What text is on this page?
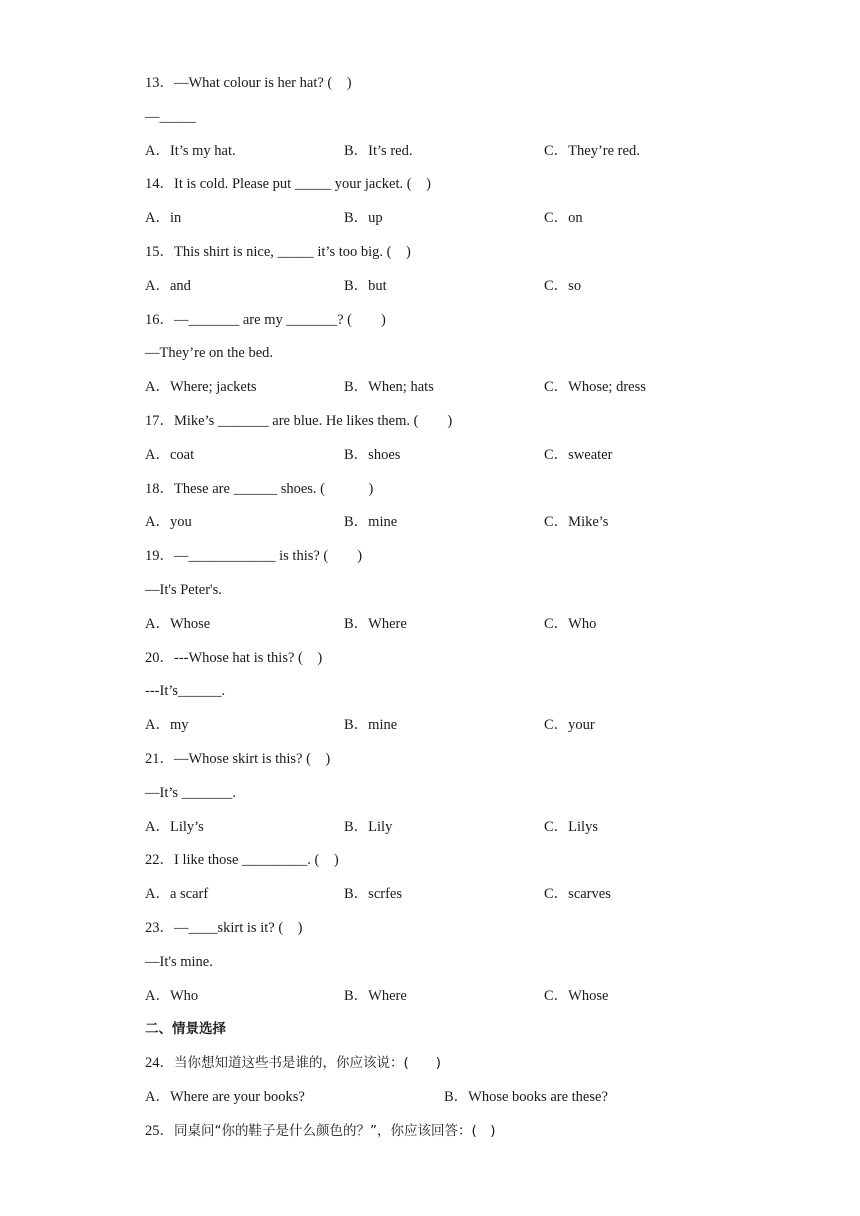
13．—What colour is her hat? (　)
—_____
A．It’s my hat.	B．It’s red.	C．They’re red.
14．It is cold. Please put _____ your jacket. (　)
A．in	B．up	C．on
15．This shirt is nice, _____ it’s too big. (　)
A．and	B．but	C．so
16．—_______ are my _______? (　　)
—They’re on the bed.
A．Where; jackets	B．When; hats	C．Whose; dress
17．Mike’s _______ are blue. He likes them. (　　)
A．coat	B．shoes	C．sweater
18．These are ______ shoes. (　　　)
A．you	B．mine	C．Mike’s
19．—____________ is this? (　　)
—It's Peter's.
A．Whose	B．Where	C．Who
20．---Whose hat is this? (　)
---It’s______.
A．my	B．mine	C．your
21．—Whose skirt is this? (　)
—It’s _______.
A．Lily’s	B．Lily	C．Lilys
22．I like those _________. (　)
A．a scarf	B．scrfes	C．scarves
23．—____skirt is it? (　)
—It's mine.
A．Who	B．Where	C．Whose
二、情景选择
24．当你想知道这些书是谁的，你应该说：(　　)
A．Where are your books?	B．Whose books are these?
25．同桌问“你的鞋子是什么颜色的？”，你应该回答：(　)
